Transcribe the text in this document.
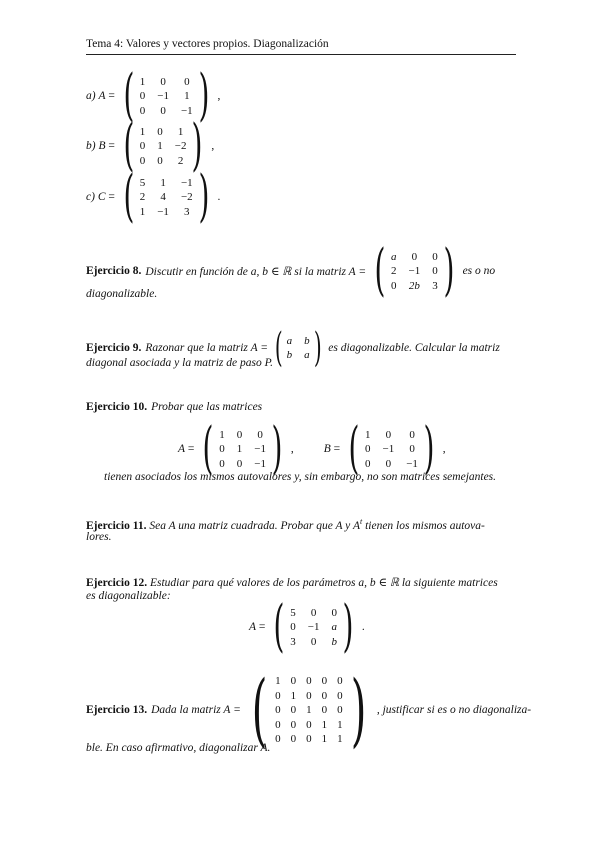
Tema 4: Valores y vectores propios. Diagonalización
a)
A = ( 1 0 0
0 −1 1
0 0 −1 ) ,
b)
B = ( 1 0 1
0 1 −2
0 0 2 ) ,
c)
C = ( 5 1 −1
2 4 −2
1 −1 3 ) .
Ejercicio 8. Discutir en función de a, b ∈ ℝ si la matriz A = ( a 0 0
2 −1 0
0 2b 3 ) es o no
diagonalizable.
Ejercicio 9. Razonar que la matriz A = ( a b
b a ) es diagonalizable. Calcular la matriz
diagonal asociada y la matriz de paso P.
Ejercicio 10. Probar que las matrices
A = ( 1 0 0
0 1 −1
0 0 −1 ) ,	B = ( 1 0 0
0 −1 0
0 0 −1 ) ,
tienen asociados los mismos autovalores y, sin embargo, no son matrices semejantes.
Ejercicio 11. Sea A una matriz cuadrada. Probar que A y $A^t$ tienen los mismos autova-
lores.
Ejercicio 12. Estudiar para qué valores de los parámetros a, b ∈ ℝ la siguiente matrices
es diagonalizable:
A = ( 5 0 0
0 −1 a
3 0 b ) .
Ejercicio 13. Dada la matriz A = ( 1 0 0 0 0
0 1 0 0 0
0 0 1 0 0
0 0 0 1 1
0 0 0 1 1 ) , justificar si es o no diagonaliza-
ble. En caso afirmativo, diagonalizar A.
